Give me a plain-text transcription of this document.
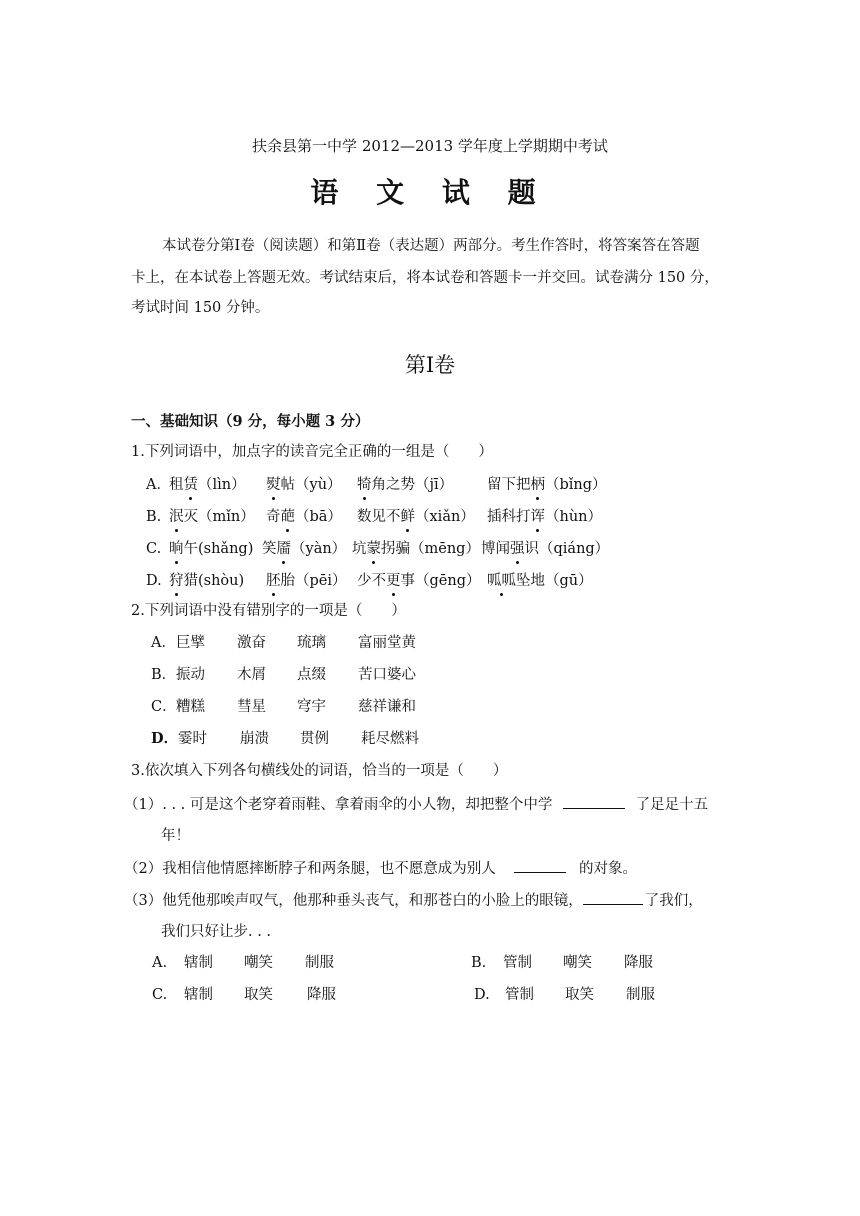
扶余县第一中学 2012—2013 学年度上学期期中考试
语 文 试 题
本试卷分第Ⅰ卷（阅读题）和第Ⅱ卷（表达题）两部分。考生作答时，将答案答在答题
卡上，在本试卷上答题无效。考试结束后，将本试卷和答题卡一并交回。试卷满分 150 分，
考试时间 150 分钟。
第Ⅰ卷
一、基础知识（9 分，每小题 3 分）
1.下列词语中，加点字的读音完全正确的一组是（　　）
A．
租赁（lìn） 熨帖（yù） 犄角之势（jī） 留下把柄（bǐng）
B. 泯灭（mǐn） 奇葩（bā） 数见不鲜（xiǎn） 插科打诨（hùn）
C. 晌午(shǎng) 笑靥（yàn） 坑蒙拐骗（mēng） 博闻强识（qiáng）
D. 狩猎(shòu) 胚胎（pēi） 少不更事（gēng） 呱呱坠地（gū）
2.下列词语中没有错别字的一项是（　　）
A． 巨擘 激奋 琉璃 富丽堂黄
B． 振动 木屑 点缀 苦口婆心
C． 糟糕 彗星 穹宇 慈祥谦和
D． 霎时 崩溃 贯例 耗尽燃料
3.依次填入下列各句横线处的词语，恰当的一项是（　　）
（1）. . . 可是这个老穿着雨鞋、拿着雨伞的小人物，却把整个中学	了足足十五
年！
（2）我相信他情愿摔断脖子和两条腿，也不愿意成为别人	的对象。
（3）他凭他那唉声叹气，他那种垂头丧气，和那苍白的小脸上的眼镜，	了我们，
我们只好让步. . .
A. 辖制 嘲笑 制服	B. 管制 嘲笑 降服
C. 辖制 取笑 降服	D. 管制 取笑 制服
